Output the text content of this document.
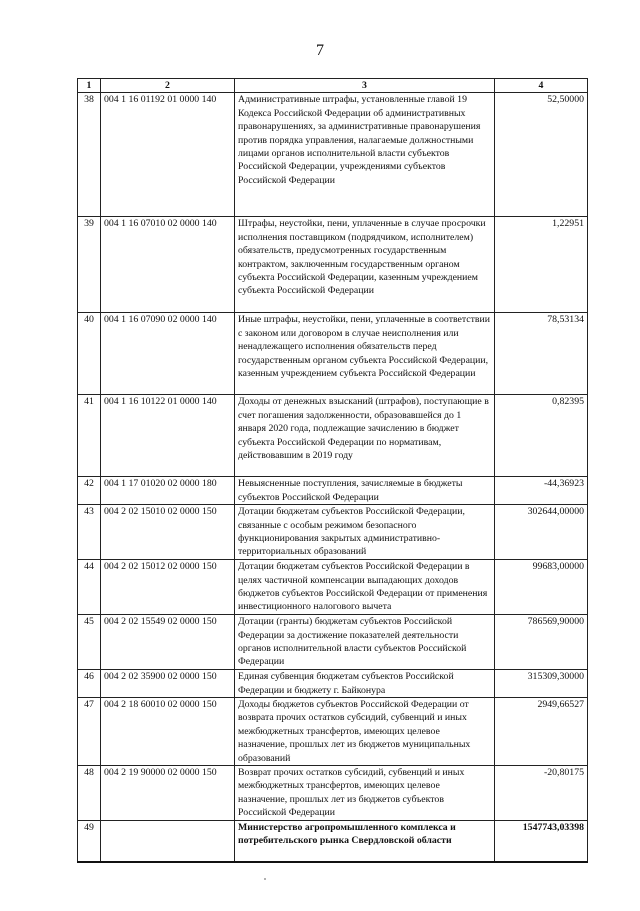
7
1	2	3	4
38	004 1 16 01192 01 0000 140	Административные штрафы, установленные главой 19 Кодекса Российской Федерации об административных правонарушениях, за административные правонарушения против порядка управления, налагаемые должностными лицами органов исполнительной власти субъектов Российской Федерации, учреждениями субъектов Российской Федерации	52,50000
39	004 1 16 07010 02 0000 140	Штрафы, неустойки, пени, уплаченные в случае просрочки исполнения поставщиком (подрядчиком, исполнителем) обязательств, предусмотренных государственным контрактом, заключенным государственным органом субъекта Российской Федерации, казенным учреждением субъекта Российской Федерации	1,22951
40	004 1 16 07090 02 0000 140	Иные штрафы, неустойки, пени, уплаченные в соответствии с законом или договором в случае неисполнения или ненадлежащего исполнения обязательств перед государственным органом субъекта Российской Федерации, казенным учреждением субъекта Российской Федерации	78,53134
41	004 1 16 10122 01 0000 140	Доходы от денежных взысканий (штрафов), поступающие в счет погашения задолженности, образовавшейся до 1 января 2020 года, подлежащие зачислению в бюджет субъекта Российской Федерации по нормативам, действовавшим в 2019 году	0,82395
42	004 1 17 01020 02 0000 180	Невыясненные поступления, зачисляемые в бюджеты субъектов Российской Федерации	-44,36923
43	004 2 02 15010 02 0000 150	Дотации бюджетам субъектов Российской Федерации, связанные с особым режимом безопасного функционирования закрытых административно-территориальных образований	302644,00000
44	004 2 02 15012 02 0000 150	Дотации бюджетам субъектов Российской Федерации в целях частичной компенсации выпадающих доходов бюджетов субъектов Российской Федерации от применения инвестиционного налогового вычета	99683,00000
45	004 2 02 15549 02 0000 150	Дотации (гранты) бюджетам субъектов Российской Федерации за достижение показателей деятельности органов исполнительной власти субъектов Российской Федерации	786569,90000
46	004 2 02 35900 02 0000 150	Единая субвенция бюджетам субъектов Российской Федерации и бюджету г. Байконура	315309,30000
47	004 2 18 60010 02 0000 150	Доходы бюджетов субъектов Российской Федерации от возврата прочих остатков субсидий, субвенций и иных межбюджетных трансфертов, имеющих целевое назначение, прошлых лет из бюджетов муниципальных образований	2949,66527
48	004 2 19 90000 02 0000 150	Возврат прочих остатков субсидий, субвенций и иных межбюджетных трансфертов, имеющих целевое назначение, прошлых лет из бюджетов субъектов Российской Федерации	-20,80175
49		Министерство агропромышленного комплекса и потребительского рынка Свердловской области	1547743,03398
